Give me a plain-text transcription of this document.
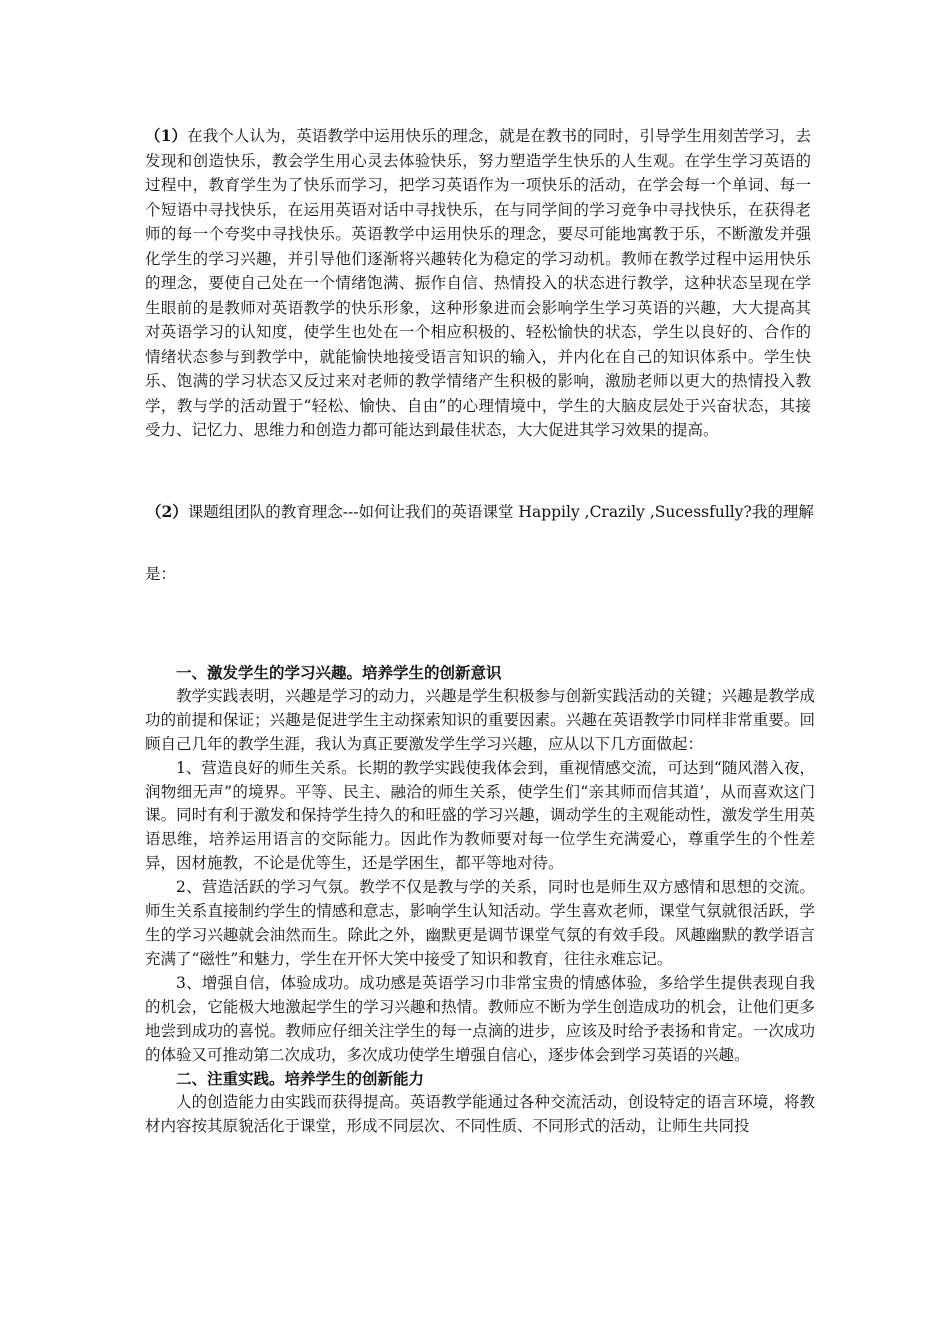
（1）在我个人认为，英语教学中运用快乐的理念，就是在教书的同时，引导学生用刻苦学习，去发现和创造快乐，教会学生用心灵去体验快乐，努力塑造学生快乐的人生观。在学生学习英语的过程中，教育学生为了快乐而学习，把学习英语作为一项快乐的活动，在学会每一个单词、每一个短语中寻找快乐，在运用英语对话中寻找快乐，在与同学间的学习竞争中寻找快乐，在获得老师的每一个夸奖中寻找快乐。英语教学中运用快乐的理念，要尽可能地寓教于乐，不断激发并强化学生的学习兴趣，并引导他们逐渐将兴趣转化为稳定的学习动机。教师在教学过程中运用快乐的理念，要使自己处在一个情绪饱满、振作自信、热情投入的状态进行教学，这种状态呈现在学生眼前的是教师对英语教学的快乐形象，这种形象进而会影响学生学习英语的兴趣，大大提高其对英语学习的认知度，使学生也处在一个相应积极的、轻松愉快的状态，学生以良好的、合作的情绪状态参与到教学中，就能愉快地接受语言知识的输入，并内化在自己的知识体系中。学生快乐、饱满的学习状态又反过来对老师的教学情绪产生积极的影响，激励老师以更大的热情投入教学，教与学的活动置于“轻松、愉快、自由”的心理情境中，学生的大脑皮层处于兴奋状态，其接受力、记忆力、思维力和创造力都可能达到最佳状态，大大促进其学习效果的提高。

（2）课题组团队的教育理念---如何让我们的英语课堂 Happily ,Crazily ,Sucessfully?我的理解

是：

一、激发学生的学习兴趣。培养学生的创新意识

教学实践表明，兴趣是学习的动力，兴趣是学生积极参与创新实践活动的关键；兴趣是教学成功的前提和保证；兴趣是促进学生主动探索知识的重要因素。兴趣在英语教学巾同样非常重要。回顾自己几年的教学生涯，我认为真正要激发学生学习兴趣，应从以下几方面做起：

1、营造良好的师生关系。长期的教学实践使我体会到，重视情感交流，可达到“随风潜入夜，润物细无声”的境界。平等、民主、融洽的师生关系，使学生们“亲其师而信其道’，从而喜欢这门课。同时有利于激发和保持学生持久的和旺盛的学习兴趣，调动学生的主观能动性，激发学生用英语思维，培养运用语言的交际能力。因此作为教师要对每一位学生充满爱心，尊重学生的个性差异，因材施教，不论是优等生，还是学困生，都平等地对待。

2、营造活跃的学习气氛。教学不仅是教与学的关系，同时也是师生双方感情和思想的交流。师生关系直接制约学生的情感和意志，影响学生认知活动。学生喜欢老师，课堂气氛就很活跃，学生的学习兴趣就会油然而生。除此之外，幽默更是调节课堂气氛的有效手段。风趣幽默的教学语言充满了“磁性”和魅力，学生在开怀大笑中接受了知识和教育，往往永难忘记。

3、增强自信，体验成功。成功感是英语学习巾非常宝贵的情感体验，多给学生提供表现自我的机会，它能极大地激起学生的学习兴趣和热情。教师应不断为学生创造成功的机会，让他们更多地尝到成功的喜悦。教师应仔细关注学生的每一点滴的进步，应该及时给予表扬和肯定。一次成功的体验又可推动第二次成功，多次成功使学生增强自信心，逐步体会到学习英语的兴趣。

二、注重实践。培养学生的创新能力

人的创造能力由实践而获得提高。英语教学能通过各种交流活动，创设特定的语言环境，将教材内容按其原貌活化于课堂，形成不同层次、不同性质、不同形式的活动，让师生共同投
